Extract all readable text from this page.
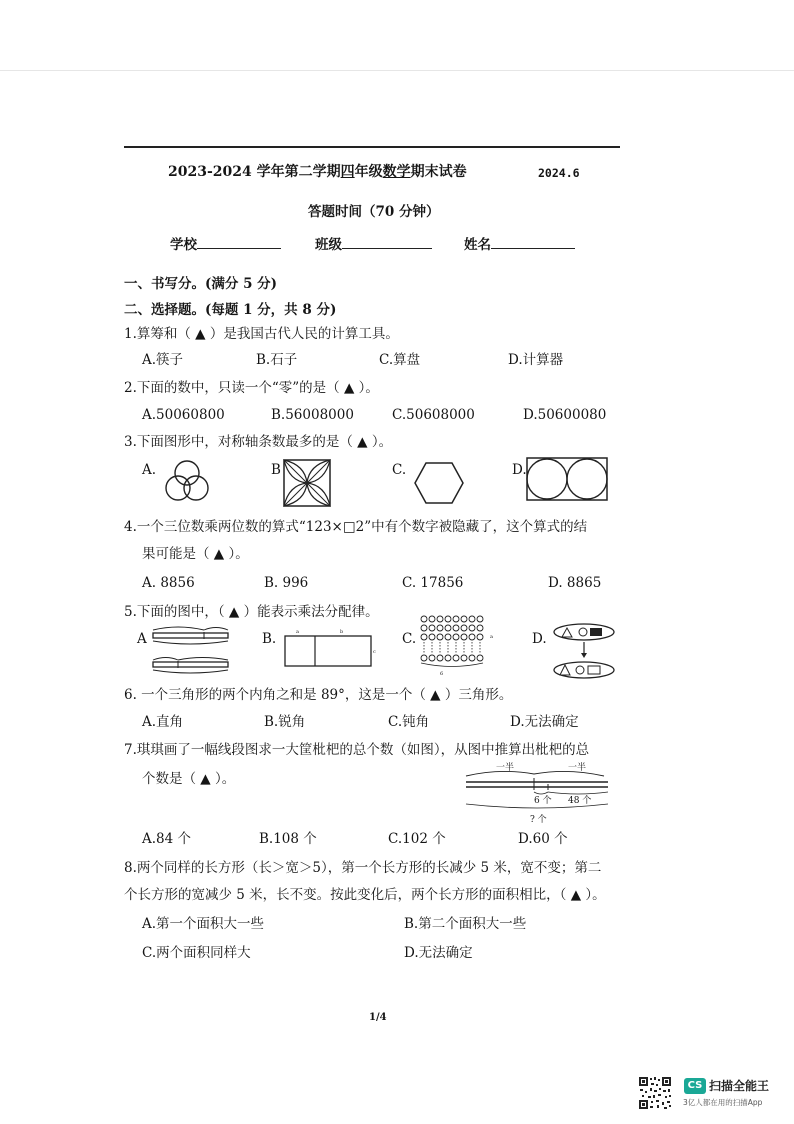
2023-2024 学年第二学期四年级数学期末试卷	2024.6
答题时间（70 分钟）
学校	班级	姓名
一、书写分。(满分 5 分)
二、选择题。(每题 1 分，共 8 分)
1.算筹和（ ▲ ）是我国古代人民的计算工具。
A.筷子	B.石子	C.算盘	D.计算器
2.下面的数中，只读一个“零”的是（ ▲ ）。
A.50060800	B.56008000	C.50608000	D.50600080
3.下面图形中，对称轴条数最多的是（ ▲ ）。
A.	B	C.	D.
4.一个三位数乘两位数的算式“123×□2”中有个数字被隐藏了，这个算式的结
果可能是（ ▲ ）。
A. 8856	B. 996	C. 17856	D. 8865
5.下面的图中，（ ▲ ）能表示乘法分配律。
A	B.	a	b
c
C.
6
a	D.
6. 一个三角形的两个内角之和是 89°，这是一个（ ▲ ）三角形。
A.直角	B.锐角	C.钝角	D.无法确定
7.琪琪画了一幅线段图求一大筐枇杷的总个数（如图），从图中推算出枇杷的总
个数是（ ▲ ）。
一半	一半
6 个 48 个
? 个
A.84 个	B.108 个	C.102 个	D.60 个
8.两个同样的长方形（长＞宽＞5），第一个长方形的长减少 5 米，宽不变；第二
个长方形的宽减少 5 米，长不变。按此变化后，两个长方形的面积相比，（ ▲ ）。
A.第一个面积大一些	B.第二个面积大一些
C.两个面积同样大	D.无法确定
1/4
CS 扫描全能王
3亿人都在用的扫描App
